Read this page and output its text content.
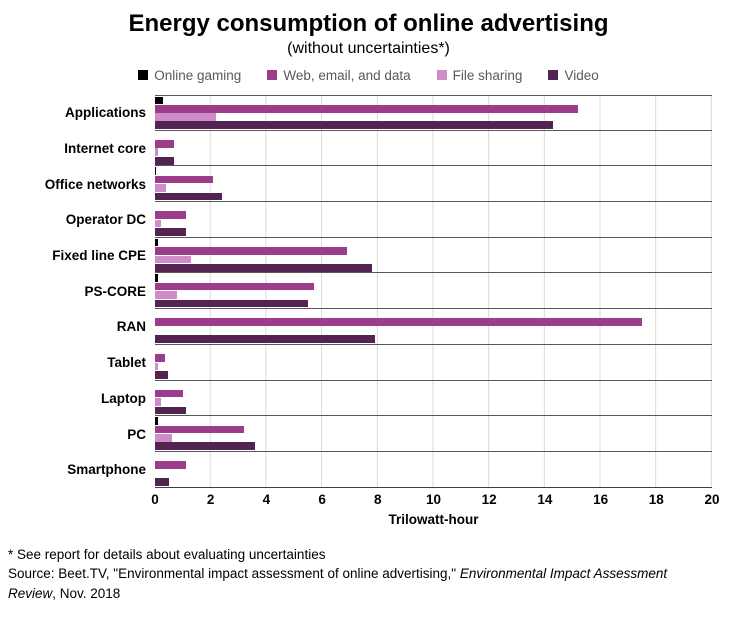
Energy consumption of online advertising
(without uncertainties*)
Online gaming	Web, email, and data	File sharing	Video
Applications
Internet core
Office networks
Operator DC
Fixed line CPE
PS-CORE
RAN
Tablet
Laptop
PC
Smartphone
0	2	4	6	8	10	12	14	16	18	20
Trilowatt-hour
* See report for details about evaluating uncertainties
Source: Beet.TV, "Environmental impact assessment of online advertising," Environmental Impact Assessment Review, Nov. 2018
